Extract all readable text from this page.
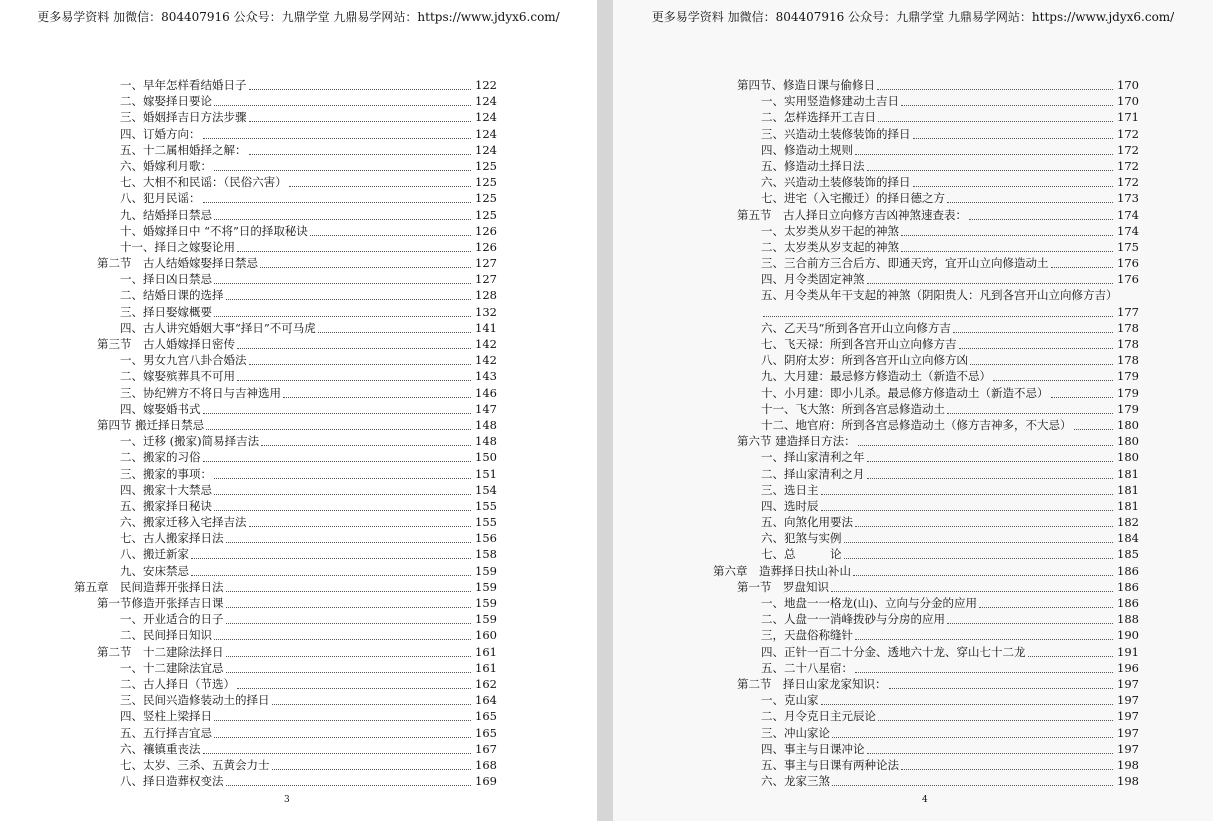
更多易学资料 加微信：804407916 公众号：九鼎学堂 九鼎易学网站：https://www.jdyx6.com/
一、早年怎样看结婚日子	122
二、嫁娶择日要论	124
三、婚姻择吉日方法步骤	124
四、订婚方向：	124
五、十二属相婚择之解：	124
六、婚嫁利月歌：	125
七、大相不和民谣：（民俗六害）	125
八、犯月民谣：	125
九、结婚择日禁忌	125
十、婚嫁择日中 “不将”日的择取秘诀	126
十一、择日之嫁娶论用	126
第二节　古人结婚嫁娶择日禁忌	127
一、择日凶日禁忌	127
二、结婚日课的选择	128
三、择日娶嫁概要	132
四、古人讲究婚姻大事“择日”不可马虎	141
第三节　古人婚嫁择日密传	142
一、男女九宫八卦合婚法	142
二、嫁娶殡葬具不可用	143
三、协纪辨方不将日与吉神选用	146
四、嫁娶婚书式	147
第四节 搬迁择日禁忌	148
一、迁移 (搬家)简易择吉法	148
二、搬家的习俗	150
三、搬家的事项：	151
四、搬家十大禁忌	154
五、搬家择日秘诀	155
六、搬家迁移入宅择吉法	155
七、古人搬家择日法	156
八、搬迁新家	158
九、安床禁忌	159
第五章　民间造葬开张择日法	159
第一节修造开张择吉日课	159
一、开业适合的日子	159
二、民间择日知识	160
第二节　十二建除法择日	161
一、十二建除法宜忌	161
二、古人择日（节选）	162
三、民间兴造修装动土的择日	164
四、竖柱上梁择日	165
五、五行择吉宜忌	165
六、禳镇重丧法	167
七、太岁、三杀、五黄会力士	168
八、择日造葬权变法	169
3
更多易学资料 加微信：804407916 公众号：九鼎学堂 九鼎易学网站：https://www.jdyx6.com/
第四节、修造日课与偷修日	170
一、实用竖造修建动土吉日	170
二、怎样选择开工吉日	171
三、兴造动土装修装饰的择日	172
四、修造动土规则	172
五、修造动土择日法	172
六、兴造动土装修装饰的择日	172
七、进宅（入宅搬迁）的择日德之方	173
第五节　古人择日立向修方吉凶神煞速查表：	174
一、太岁类从岁干起的神煞	174
二、太岁类从岁支起的神煞	175
三、三合前方三合后方、即通天窍，宜开山立向修造动土	176
四、月令类固定神煞	176
五、月令类从年干支起的神煞（阴阳贵人：凡到各宫开山立向修方吉）
177
六、乙天马“所到各宫开山立向修方吉	178
七、飞天禄：所到各宫开山立向修方吉	178
八、阴府太岁：所到各宫开山立向修方凶	178
九、大月建：最忌修方修造动土（新造不忌）	179
十、小月建：即小儿杀。最忌修方修造动土（新造不忌）	179
十一、飞大煞：所到各宫忌修造动土	179
十二、地官府：所到各宫忌修造动土（修方吉神多，不大忌）	180
第六节 建造择日方法：	180
一、择山家清利之年	180
二、择山家清利之月	181
三、选日主	181
四、选时辰	181
五、向煞化用要法	182
六、犯煞与实例	184
七、总　　　论	185
第六章　造葬择日扶山补山	186
第一节　罗盘知识	186
一、地盘一一格龙(山)、立向与分金的应用	186
二、人盘一一消峰拨砂与分房的应用	188
三，天盘俗称缝针	190
四、正针一百二十分金、透地六十龙、穿山七十二龙	191
五、二十八星宿：	196
第二节　择日山家龙家知识：	197
一、克山家	197
二、月令克日主元辰论	197
三、冲山家论	197
四、事主与日课冲论	197
五、事主与日课有两种论法	198
六、龙家三煞	198
4
